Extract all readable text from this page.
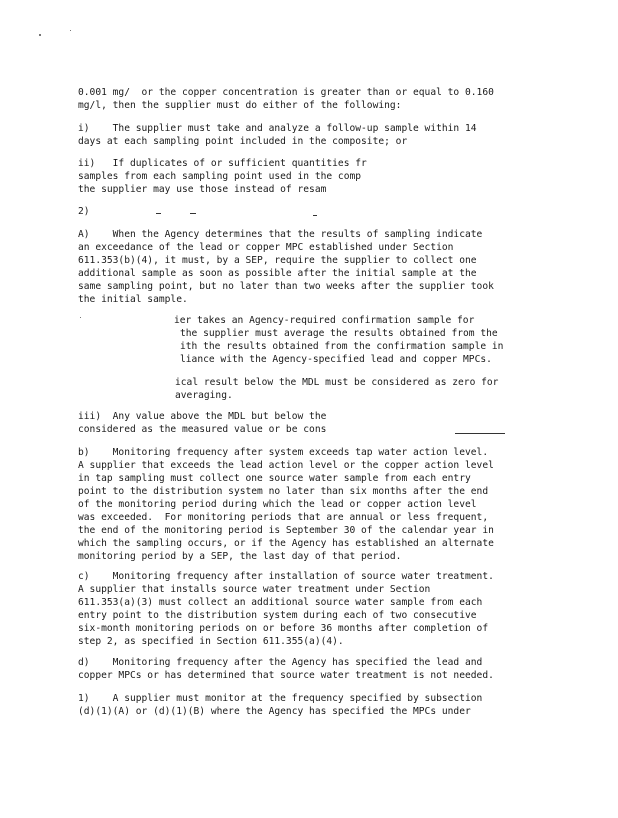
0.001 mg/  or the copper concentration is greater than or equal to 0.160

mg/l, then the supplier must do either of the following:

i)    The supplier must take and analyze a follow-up sample within 14

days at each sampling point included in the composite; or

ii)   If duplicates of or sufficient quantities fr

samples from each sampling point used in the comp

the supplier may use those instead of resam

2)

A)    When the Agency determines that the results of sampling indicate

an exceedance of the lead or copper MPC established under Section

611.353(b)(4), it must, by a SEP, require the supplier to collect one

additional sample as soon as possible after the initial sample at the

same sampling point, but no later than two weeks after the supplier took

the initial sample.

ier takes an Agency-required confirmation sample for

the supplier must average the results obtained from the

ith the results obtained from the confirmation sample in

liance with the Agency-specified lead and copper MPCs.

ical result below the MDL must be considered as zero for

averaging.

iii)  Any value above the MDL but below the

considered as the measured value or be cons

b)    Monitoring frequency after system exceeds tap water action level.

A supplier that exceeds the lead action level or the copper action level

in tap sampling must collect one source water sample from each entry

point to the distribution system no later than six months after the end

of the monitoring period during which the lead or copper action level

was exceeded.  For monitoring periods that are annual or less frequent,

the end of the monitoring period is September 30 of the calendar year in

which the sampling occurs, or if the Agency has established an alternate

monitoring period by a SEP, the last day of that period.

c)    Monitoring frequency after installation of source water treatment.

A supplier that installs source water treatment under Section

611.353(a)(3) must collect an additional source water sample from each

entry point to the distribution system during each of two consecutive

six-month monitoring periods on or before 36 months after completion of

step 2, as specified in Section 611.355(a)(4).

d)    Monitoring frequency after the Agency has specified the lead and

copper MPCs or has determined that source water treatment is not needed.

1)    A supplier must monitor at the frequency specified by subsection

(d)(1)(A) or (d)(1)(B) where the Agency has specified the MPCs under
